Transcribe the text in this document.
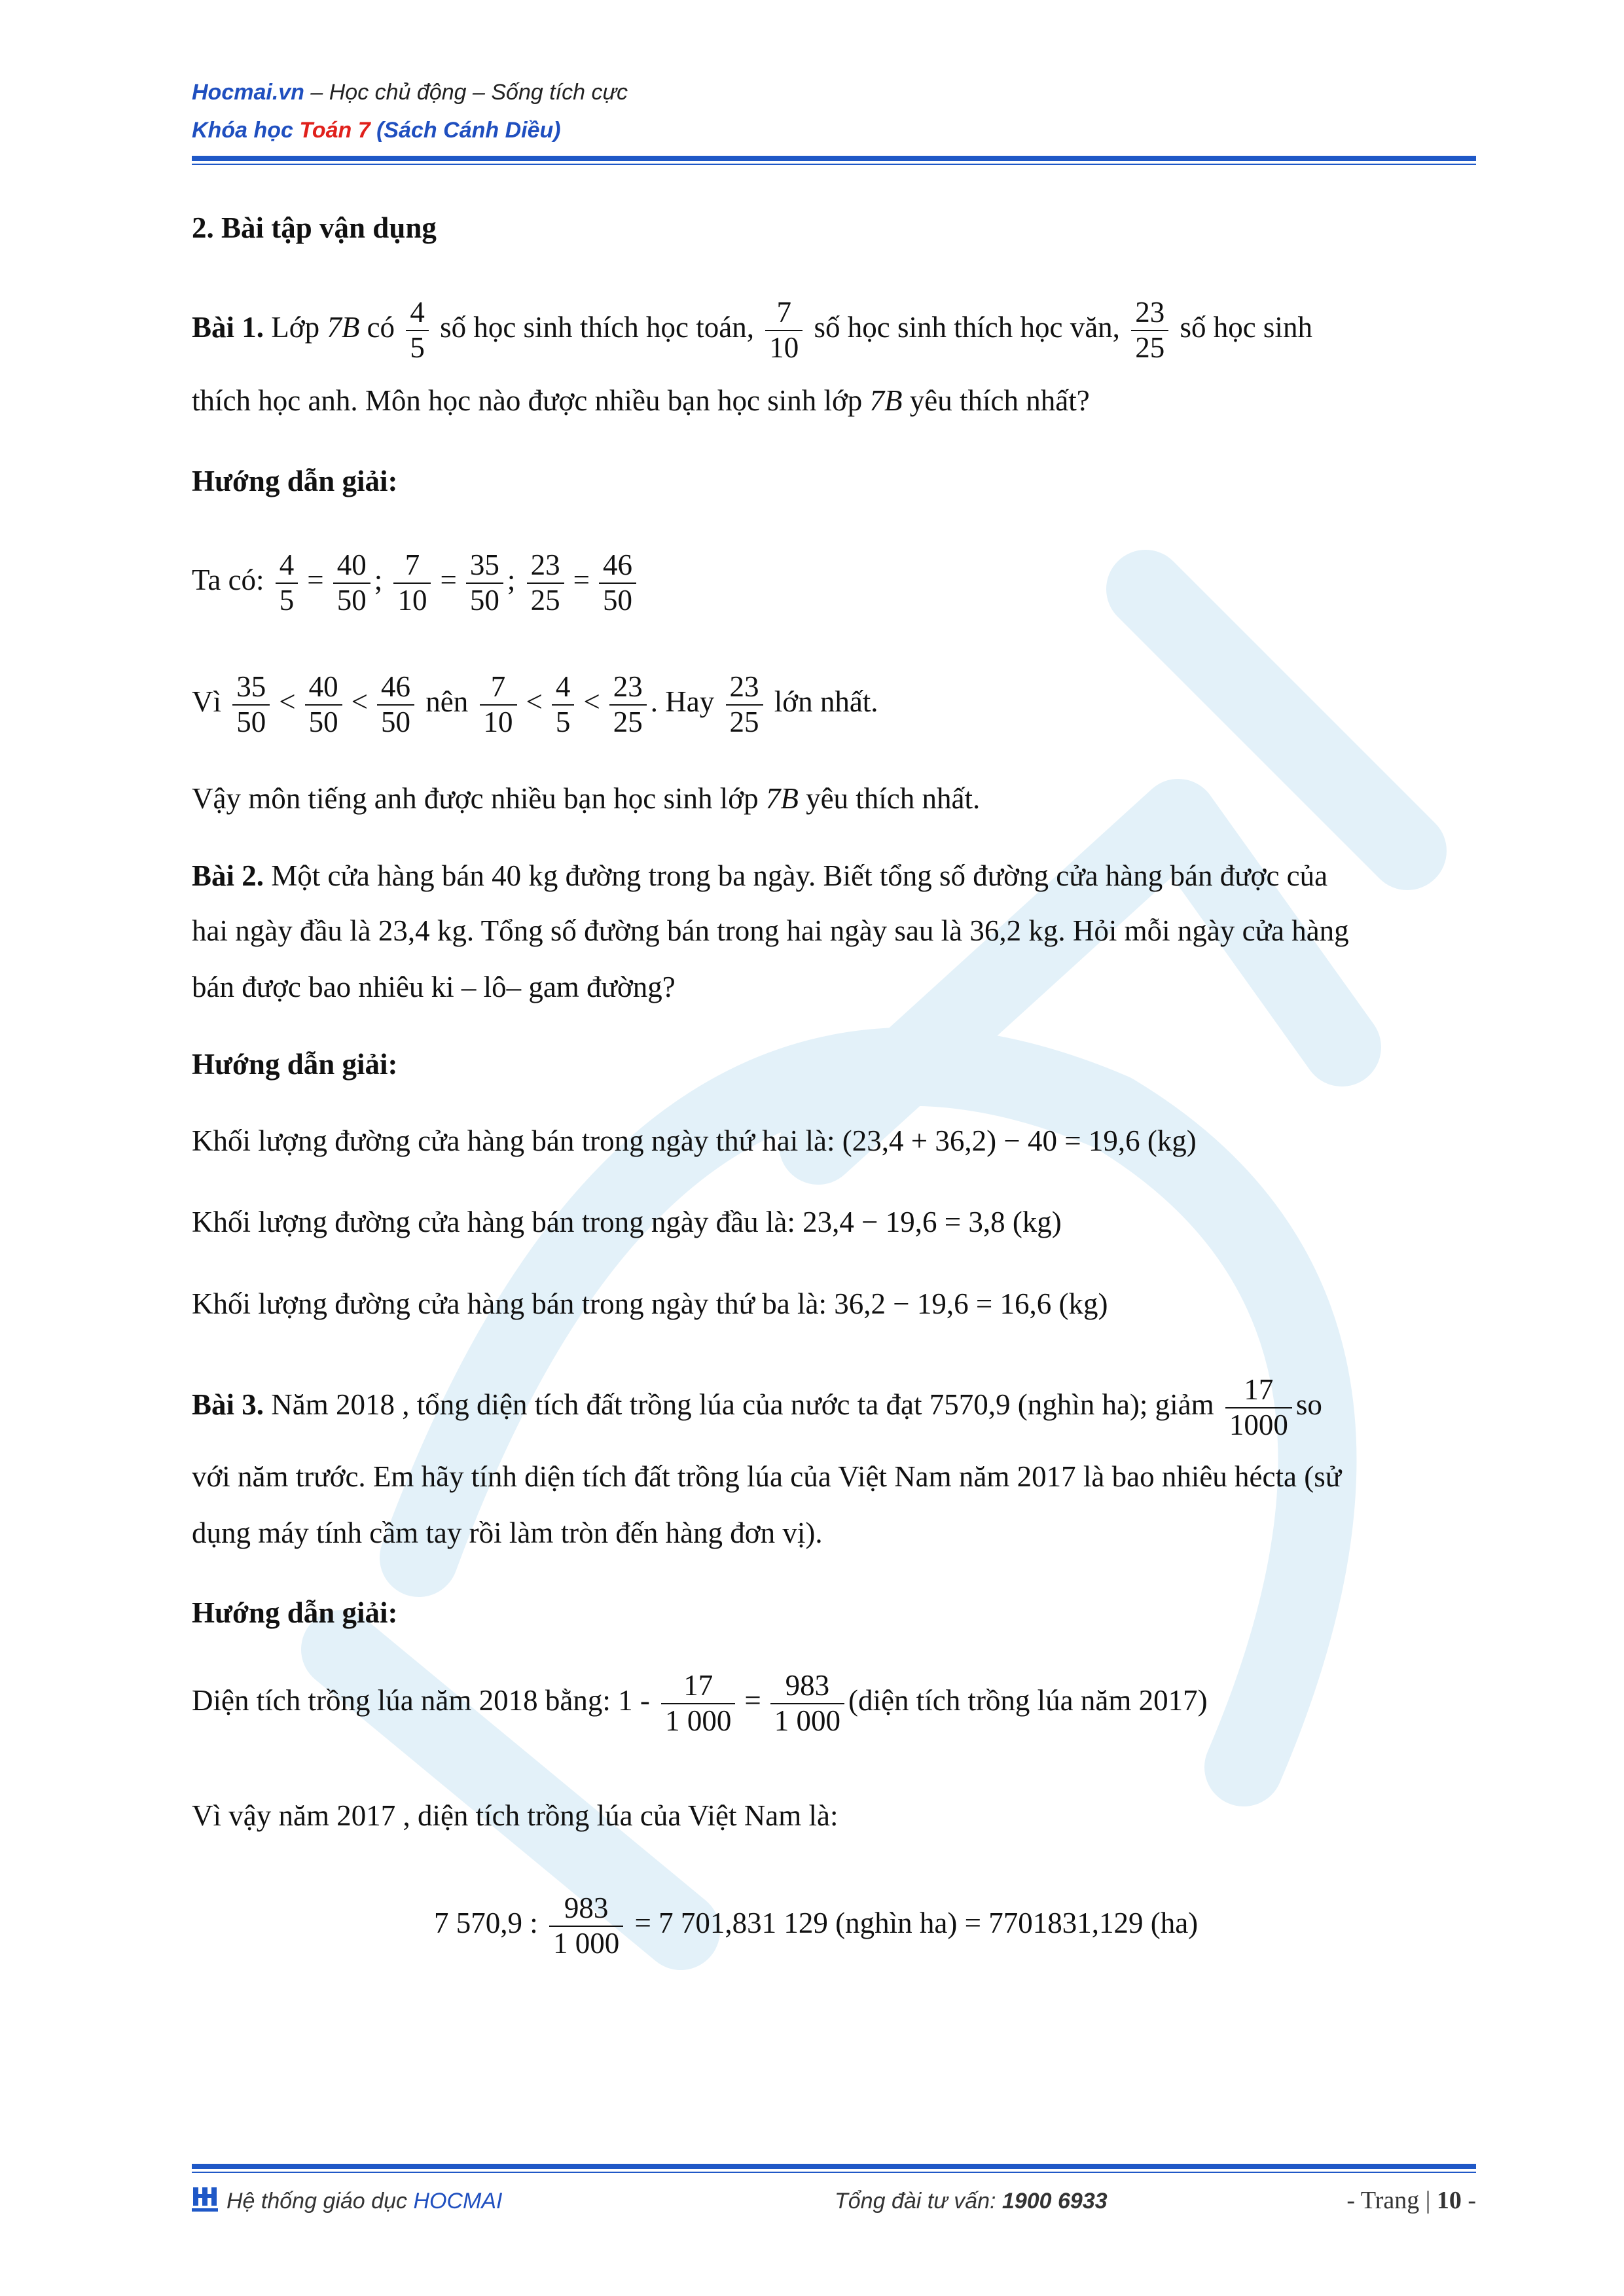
Hocmai.vn – Học chủ động – Sống tích cực
Khóa học Toán 7 (Sách Cánh Diều)
2. Bài tập vận dụng
Bài 1. Lớp 7B có $\frac{4}{5}$ số học sinh thích học toán, $\frac{7}{10}$ số học sinh thích học văn, $\frac{23}{25}$ số học sinh
thích học anh. Môn học nào được nhiều bạn học sinh lớp 7B yêu thích nhất?
Hướng dẫn giải:
Ta có: $\frac{4}{5} = \frac{40}{50}$ ; $\frac{7}{10} = \frac{35}{50}$ ; $\frac{23}{25} = \frac{46}{50}$
Vì $\frac{35}{50} < \frac{40}{50} < \frac{46}{50}$ nên $\frac{7}{10} < \frac{4}{5} < \frac{23}{25}$ . Hay $\frac{23}{25}$ lớn nhất.
Vậy môn tiếng anh được nhiều bạn học sinh lớp 7B yêu thích nhất.
Bài 2. Một cửa hàng bán 40 kg đường trong ba ngày. Biết tổng số đường cửa hàng bán được của
hai ngày đầu là 23,4 kg. Tổng số đường bán trong hai ngày sau là 36,2 kg. Hỏi mỗi ngày cửa hàng
bán được bao nhiêu ki – lô– gam đường?
Hướng dẫn giải:
Khối lượng đường cửa hàng bán trong ngày thứ hai là: (23,4 + 36,2) − 40 = 19,6 (kg)
Khối lượng đường cửa hàng bán trong ngày đầu là: 23,4 − 19,6 = 3,8 (kg)
Khối lượng đường cửa hàng bán trong ngày thứ ba là: 36,2 − 19,6 = 16,6 (kg)
Bài 3. Năm 2018 , tổng diện tích đất trồng lúa của nước ta đạt 7570,9 (nghìn ha); giảm $\frac{17}{1000}$ so
với năm trước. Em hãy tính diện tích đất trồng lúa của Việt Nam năm 2017 là bao nhiêu hécta (sử
dụng máy tính cầm tay rồi làm tròn đến hàng đơn vị).
Hướng dẫn giải:
Diện tích trồng lúa năm 2018 bằng: $1 - \frac{17}{1 000} = \frac{983}{1 000}$ (diện tích trồng lúa năm 2017)
Vì vậy năm 2017 , diện tích trồng lúa của Việt Nam là:
7 570,9 : $\frac{983}{1 000} = 7$ 701,831 129 (nghìn ha) = 7701831,129 (ha)
Hệ thống giáo dục HOCMAI	Tổng đài tư vấn: 1900 6933	- Trang | 10 -
